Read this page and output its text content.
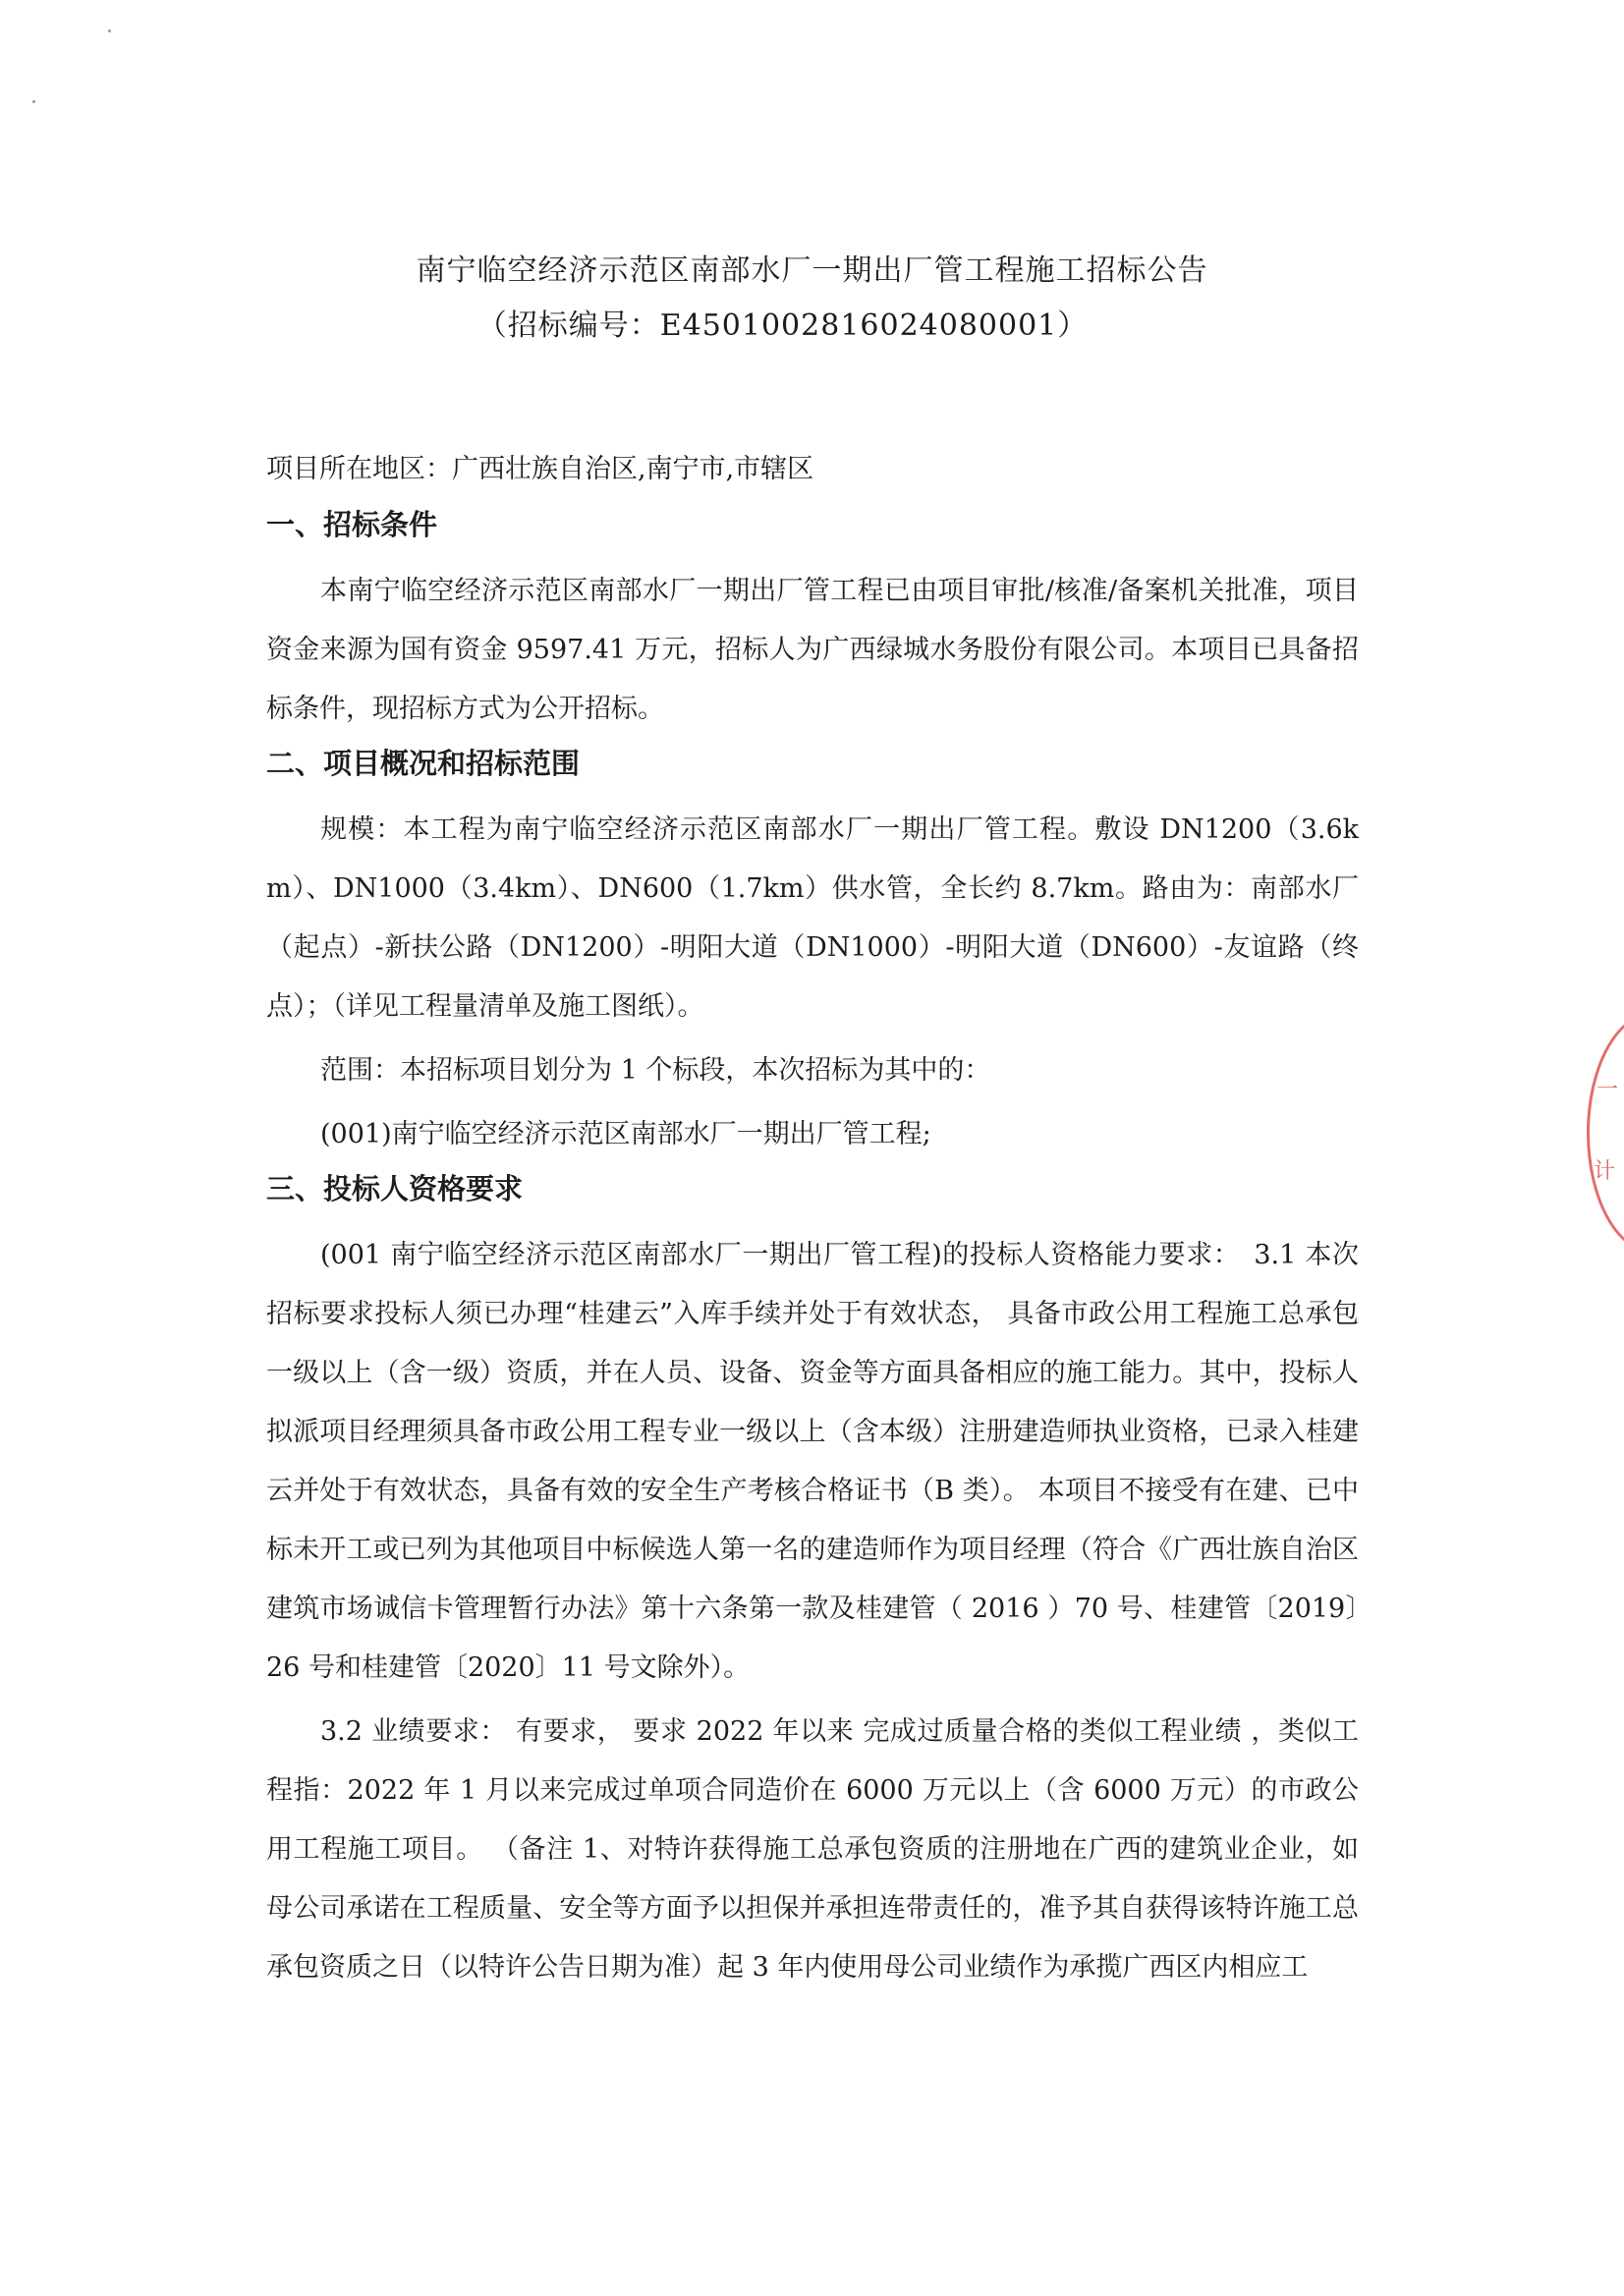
南宁临空经济示范区南部水厂一期出厂管工程施工招标公告
（招标编号：E4501002816024080001）
项目所在地区：广西壮族自治区,南宁市,市辖区
一、招标条件
本南宁临空经济示范区南部水厂一期出厂管工程已由项目审批/核准/备案机关批准，项目资金来源为国有资金 9597.41 万元，招标人为广西绿城水务股份有限公司。本项目已具备招标条件，现招标方式为公开招标。
二、项目概况和招标范围
规模：本工程为南宁临空经济示范区南部水厂一期出厂管工程。敷设 DN1200（3.6km）、DN1000（3.4km）、DN600（1.7km）供水管，全长约 8.7km。路由为：南部水厂（起点）-新扶公路（DN1200）-明阳大道（DN1000）-明阳大道（DN600）-友谊路（终点）；（详见工程量清单及施工图纸）。
范围：本招标项目划分为 1 个标段，本次招标为其中的：
(001)南宁临空经济示范区南部水厂一期出厂管工程;
三、投标人资格要求
(001 南宁临空经济示范区南部水厂一期出厂管工程)的投标人资格能力要求：　3.1 本次招标要求投标人须已办理“桂建云”入库手续并处于有效状态， 具备市政公用工程施工总承包一级以上（含一级）资质，并在人员、设备、资金等方面具备相应的施工能力。其中，投标人拟派项目经理须具备市政公用工程专业一级以上（含本级）注册建造师执业资格，已录入桂建云并处于有效状态，具备有效的安全生产考核合格证书（B 类）。 本项目不接受有在建、已中标未开工或已列为其他项目中标候选人第一名的建造师作为项目经理（符合《广西壮族自治区建筑市场诚信卡管理暂行办法》第十六条第一款及桂建管（ 2016 ）70 号、桂建管〔2019〕26 号和桂建管〔2020〕11 号文除外）。
3.2 业绩要求： 有要求， 要求 2022 年以来 完成过质量合格的类似工程业绩 ，类似工程指：2022 年 1 月以来完成过单项合同造价在 6000 万元以上（含 6000 万元）的市政公用工程施工项目。 （备注 1、对特许获得施工总承包资质的注册地在广西的建筑业企业，如母公司承诺在工程质量、安全等方面予以担保并承担连带责任的，准予其自获得该特许施工总承包资质之日（以特许公告日期为准）起 3 年内使用母公司业绩作为承揽广西区内相应工
一
计
